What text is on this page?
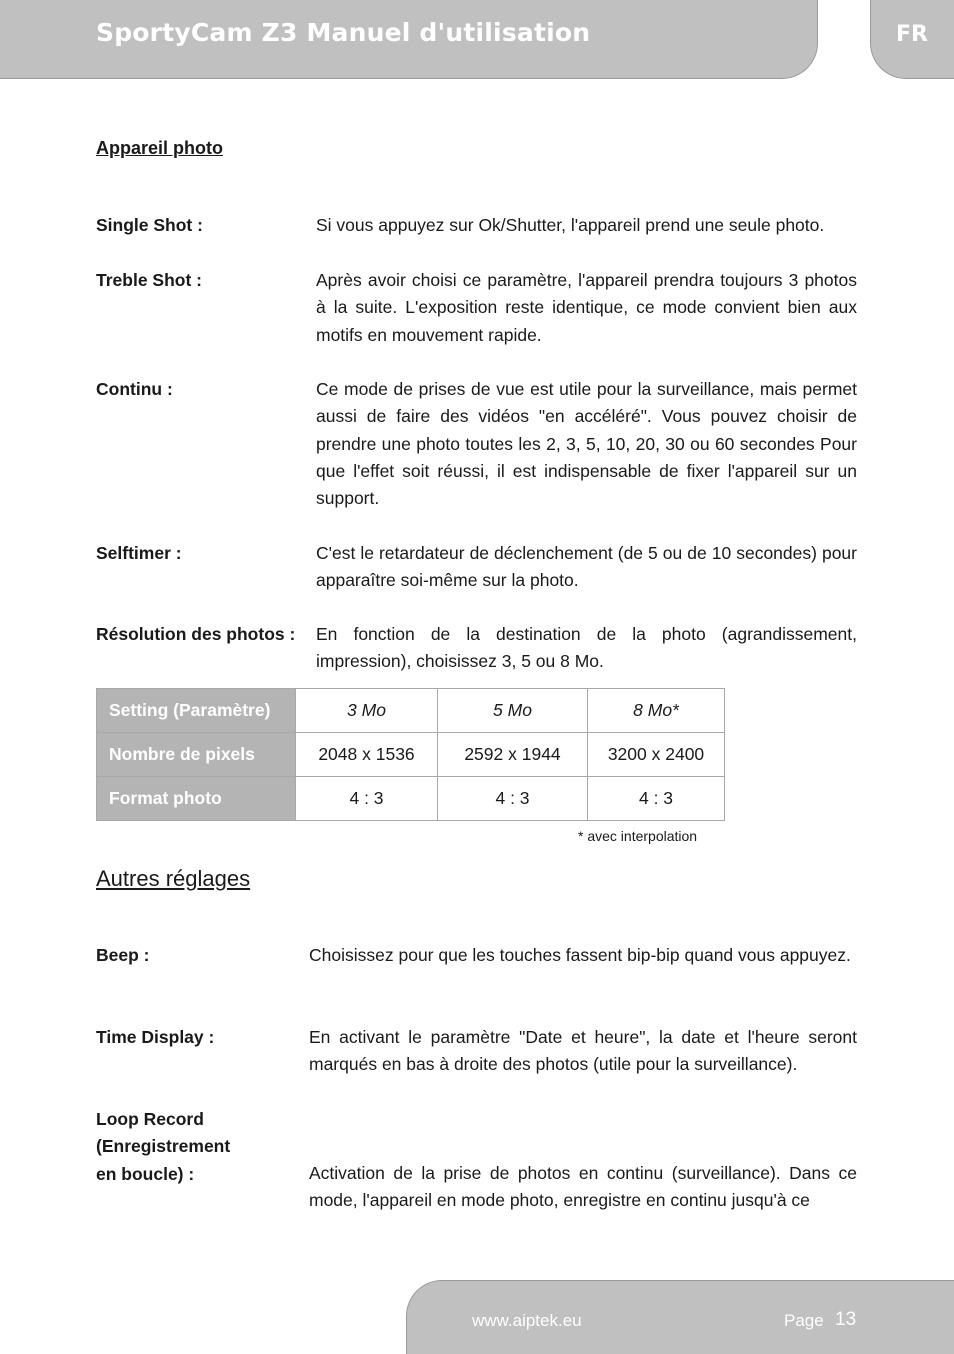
SportyCam Z3 Manuel d'utilisation	FR
Appareil photo
Single Shot :	Si vous appuyez sur Ok/Shutter, l'appareil prend une seule photo.
Treble Shot :	Après avoir choisi ce paramètre, l'appareil prendra toujours 3 photos à la suite. L'exposition reste identique, ce mode convient bien aux motifs en mouvement rapide.
Continu :	Ce mode de prises de vue est utile pour la surveillance, mais permet aussi de faire des vidéos "en accéléré". Vous pouvez choisir de prendre une photo toutes les 2, 3, 5, 10, 20, 30 ou 60 secondes Pour que l'effet soit réussi, il est indispensable de fixer l'appareil sur un support.
Selftimer :	C'est le retardateur de déclenchement (de 5 ou de 10 secondes) pour apparaître soi-même sur la photo.
Résolution des photos : En fonction de la destination de la photo (agrandissement, impression), choisissez 3, 5 ou 8 Mo.
Setting (Paramètre)	3 Mo	5 Mo	8 Mo*
Nombre de pixels	2048 x 1536	2592 x 1944	3200 x 2400
Format photo	4 : 3	4 : 3	4 : 3
* avec interpolation
Autres réglages
Beep :	Choisissez pour que les touches fassent bip-bip quand vous appuyez.
Time Display :	En activant le paramètre "Date et heure", la date et l'heure seront marqués en bas à droite des photos (utile pour la surveillance).
Loop Record
(Enregistrement
en boucle) :	Activation de la prise de photos en continu (surveillance). Dans ce mode, l'appareil en mode photo, enregistre en continu jusqu'à ce
www.aiptek.eu	Page 13
